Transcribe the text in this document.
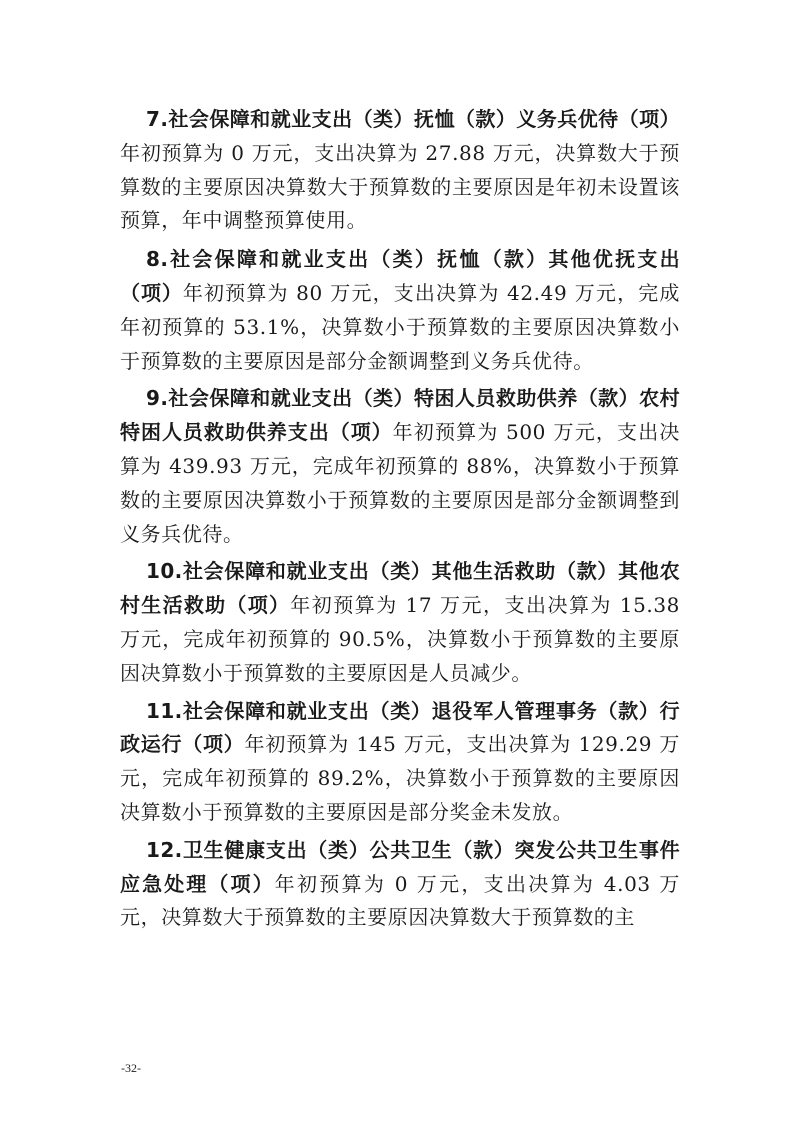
7.社会保障和就业支出（类）抚恤（款）义务兵优待（项）年初预算为 0 万元，支出决算为 27.88 万元，决算数大于预算数的主要原因决算数大于预算数的主要原因是年初未设置该预算，年中调整预算使用。

8.社会保障和就业支出（类）抚恤（款）其他优抚支出（项）年初预算为 80 万元，支出决算为 42.49 万元，完成年初预算的 53.1%，决算数小于预算数的主要原因决算数小于预算数的主要原因是部分金额调整到义务兵优待。

9.社会保障和就业支出（类）特困人员救助供养（款）农村特困人员救助供养支出（项）年初预算为 500 万元，支出决算为 439.93 万元，完成年初预算的 88%，决算数小于预算数的主要原因决算数小于预算数的主要原因是部分金额调整到义务兵优待。

10.社会保障和就业支出（类）其他生活救助（款）其他农村生活救助（项）年初预算为 17 万元，支出决算为 15.38 万元，完成年初预算的 90.5%，决算数小于预算数的主要原因决算数小于预算数的主要原因是人员减少。

11.社会保障和就业支出（类）退役军人管理事务（款）行政运行（项）年初预算为 145 万元，支出决算为 129.29 万元，完成年初预算的 89.2%，决算数小于预算数的主要原因决算数小于预算数的主要原因是部分奖金未发放。

12.卫生健康支出（类）公共卫生（款）突发公共卫生事件应急处理（项）年初预算为 0 万元，支出决算为 4.03 万元，决算数大于预算数的主要原因决算数大于预算数的主

-32-
